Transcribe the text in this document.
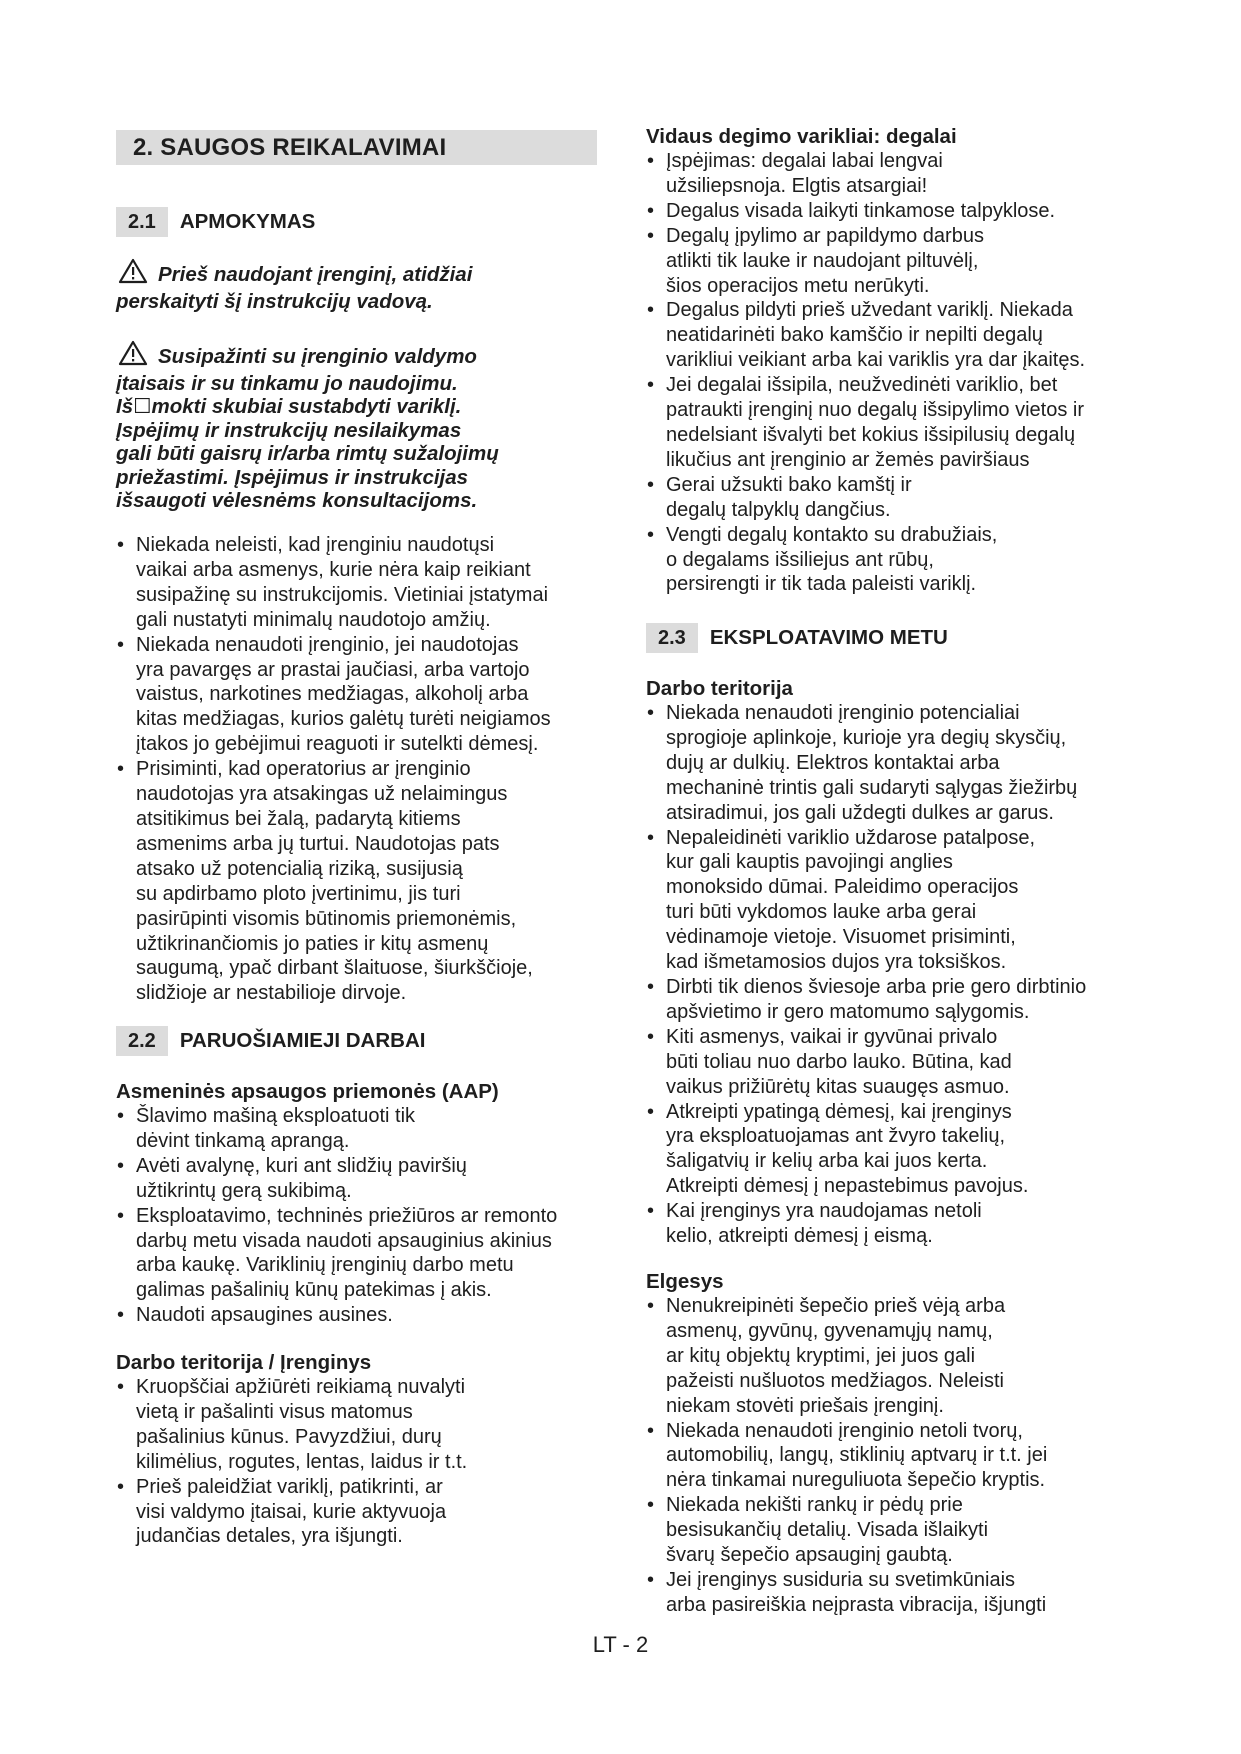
2. SAUGOS REIKALAVIMAI
2.1	APMOKYMAS
Prieš naudojant įrenginį, atidžiai
perskaityti šį instrukcijų vadovą.
Susipažinti su įrenginio valdymo
įtaisais ir su tinkamu jo naudojimu.
Iš☐mokti skubiai sustabdyti variklį.
Įspėjimų ir instrukcijų nesilaikymas
gali būti gaisrų ir/arba rimtų sužalojimų
priežastimi. Įspėjimus ir instrukcijas
išsaugoti vėlesnėms konsultacijoms.
• Niekada neleisti, kad įrenginiu naudotųsi
vaikai arba asmenys, kurie nėra kaip reikiant
susipažinę su instrukcijomis. Vietiniai įstatymai
gali nustatyti minimalų naudotojo amžių.
• Niekada nenaudoti įrenginio, jei naudotojas
yra pavargęs ar prastai jaučiasi, arba vartojo
vaistus, narkotines medžiagas, alkoholį arba
kitas medžiagas, kurios galėtų turėti neigiamos
įtakos jo gebėjimui reaguoti ir sutelkti dėmesį.
• Prisiminti, kad operatorius ar įrenginio
naudotojas yra atsakingas už nelaimingus
atsitikimus bei žalą, padarytą kitiems
asmenims arba jų turtui. Naudotojas pats
atsako už potencialią riziką, susijusią
su apdirbamo ploto įvertinimu, jis turi
pasirūpinti visomis būtinomis priemonėmis,
užtikrinančiomis jo paties ir kitų asmenų
saugumą, ypač dirbant šlaituose, šiurkščioje,
slidžioje ar nestabilioje dirvoje.
2.2	PARUOŠIAMIEJI DARBAI
Asmeninės apsaugos priemonės (AAP)
• Šlavimo mašiną eksploatuoti tik
dėvint tinkamą aprangą.
• Avėti avalynę, kuri ant slidžių paviršių
užtikrintų gerą sukibimą.
• Eksploatavimo, techninės priežiūros ar remonto
darbų metu visada naudoti apsauginius akinius
arba kaukę. Variklinių įrenginių darbo metu
galimas pašalinių kūnų patekimas į akis.
• Naudoti apsaugines ausines.
Darbo teritorija / Įrenginys
• Kruopščiai apžiūrėti reikiamą nuvalyti
vietą ir pašalinti visus matomus
pašalinius kūnus. Pavyzdžiui, durų
kilimėlius, rogutes, lentas, laidus ir t.t.
• Prieš paleidžiat variklį, patikrinti, ar
visi valdymo įtaisai, kurie aktyvuoja
judančias detales, yra išjungti.
Vidaus degimo varikliai: degalai
• Įspėjimas: degalai labai lengvai
užsiliepsnoja. Elgtis atsargiai!
• Degalus visada laikyti tinkamose talpyklose.
• Degalų įpylimo ar papildymo darbus
atlikti tik lauke ir naudojant piltuvėlį,
šios operacijos metu nerūkyti.
• Degalus pildyti prieš užvedant variklį. Niekada
neatidarinėti bako kamščio ir nepilti degalų
varikliui veikiant arba kai variklis yra dar įkaitęs.
• Jei degalai išsipila, neužvedinėti variklio, bet
patraukti įrenginį nuo degalų išsipylimo vietos ir
nedelsiant išvalyti bet kokius išsipilusių degalų
likučius ant įrenginio ar žemės paviršiaus
• Gerai užsukti bako kamštį ir
degalų talpyklų dangčius.
• Vengti degalų kontakto su drabužiais,
o degalams išsiliejus ant rūbų,
persirengti ir tik tada paleisti variklį.
2.3	EKSPLOATAVIMO METU
Darbo teritorija
• Niekada nenaudoti įrenginio potencialiai
sprogioje aplinkoje, kurioje yra degių skysčių,
dujų ar dulkių. Elektros kontaktai arba
mechaninė trintis gali sudaryti sąlygas žiežirbų
atsiradimui, jos gali uždegti dulkes ar garus.
• Nepaleidinėti variklio uždarose patalpose,
kur gali kauptis pavojingi anglies
monoksido dūmai. Paleidimo operacijos
turi būti vykdomos lauke arba gerai
vėdinamoje vietoje. Visuomet prisiminti,
kad išmetamosios dujos yra toksiškos.
• Dirbti tik dienos šviesoje arba prie gero dirbtinio
apšvietimo ir gero matomumo sąlygomis.
• Kiti asmenys, vaikai ir gyvūnai privalo
būti toliau nuo darbo lauko. Būtina, kad
vaikus prižiūrėtų kitas suaugęs asmuo.
• Atkreipti ypatingą dėmesį, kai įrenginys
yra eksploatuojamas ant žvyro takelių,
šaligatvių ir kelių arba kai juos kerta.
Atkreipti dėmesį į nepastebimus pavojus.
• Kai įrenginys yra naudojamas netoli
kelio, atkreipti dėmesį į eismą.
Elgesys
• Nenukreipinėti šepečio prieš vėją arba
asmenų, gyvūnų, gyvenamųjų namų,
ar kitų objektų kryptimi, jei juos gali
pažeisti nušluotos medžiagos. Neleisti
niekam stovėti priešais įrenginį.
• Niekada nenaudoti įrenginio netoli tvorų,
automobilių, langų, stiklinių aptvarų ir t.t. jei
nėra tinkamai nureguliuota šepečio kryptis.
• Niekada nekišti rankų ir pėdų prie
besisukančių detalių. Visada išlaikyti
švarų šepečio apsauginį gaubtą.
• Jei įrenginys susiduria su svetimkūniais
arba pasireiškia neįprasta vibracija, išjungti
LT - 2
